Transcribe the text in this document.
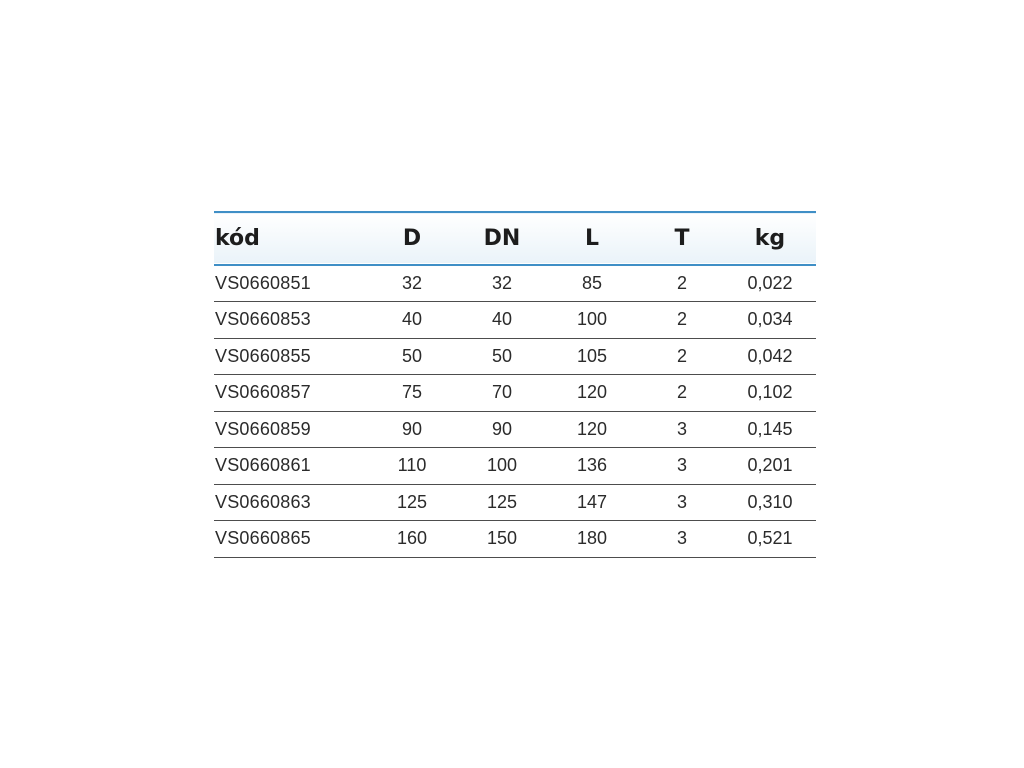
kód	D	DN	L	T	kg
VS0660851	32	32	85	2	0,022
VS0660853	40	40	100	2	0,034
VS0660855	50	50	105	2	0,042
VS0660857	75	70	120	2	0,102
VS0660859	90	90	120	3	0,145
VS0660861	110	100	136	3	0,201
VS0660863	125	125	147	3	0,310
VS0660865	160	150	180	3	0,521
